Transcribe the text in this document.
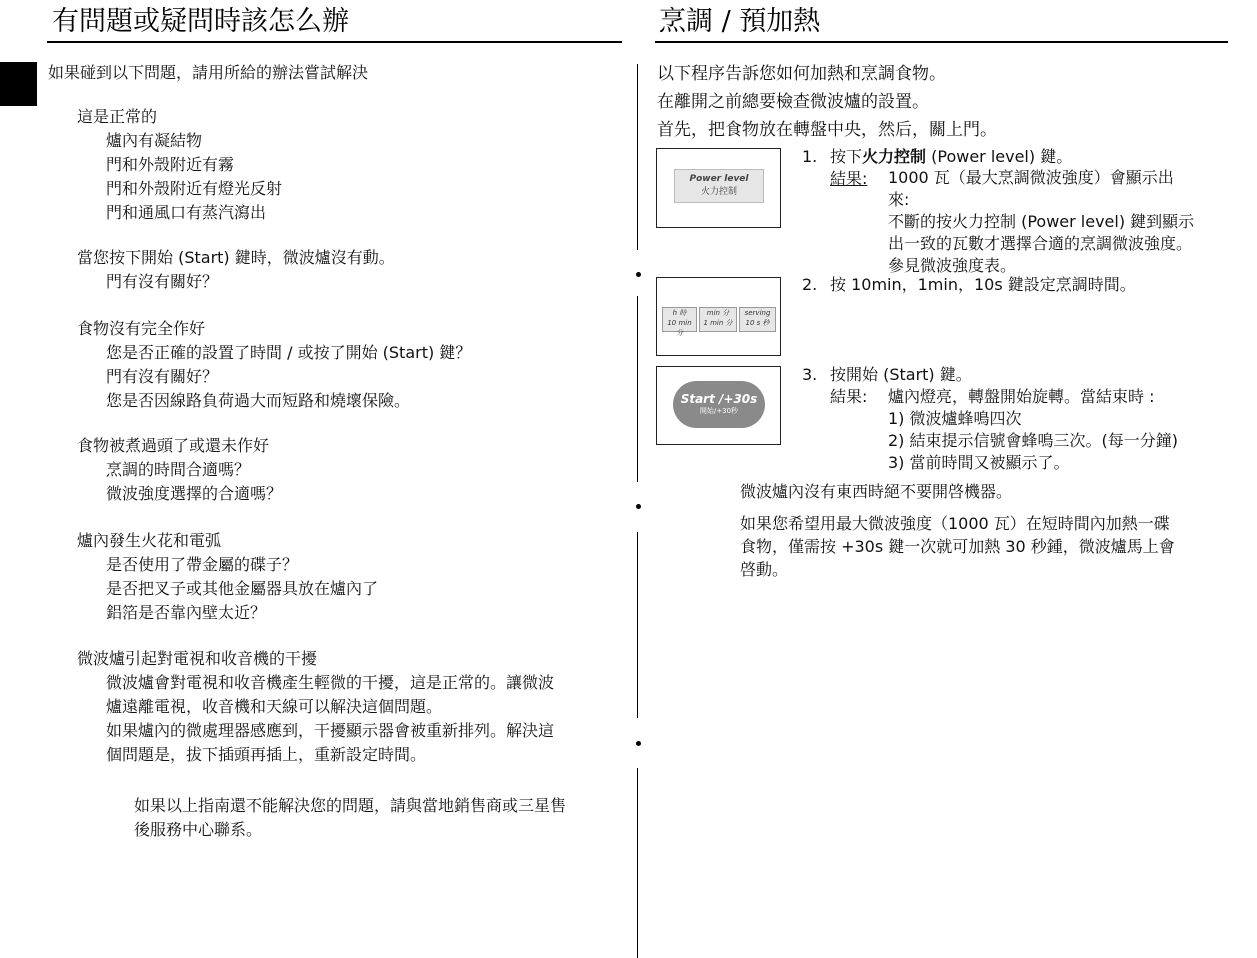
有問題或疑問時該怎么辦
如果碰到以下問題，請用所給的辦法嘗試解決
這是正常的
爐內有凝結物
門和外殼附近有霧
門和外殼附近有燈光反射
門和通風口有蒸汽瀉出
當您按下開始 (Start) 鍵時，微波爐沒有動。
門有沒有關好？
食物沒有完全作好
您是否正確的設置了時間 / 或按了開始 (Start) 鍵？
門有沒有關好？
您是否因線路負荷過大而短路和燒壞保險。
食物被煮過頭了或還未作好
烹調的時間合適嗎？
微波強度選擇的合適嗎？
爐內發生火花和電弧
是否使用了帶金屬的碟子？
是否把叉子或其他金屬器具放在爐內了
鋁箔是否靠內壁太近？
微波爐引起對電視和收音機的干擾
微波爐會對電視和收音機產生輕微的干擾，這是正常的。讓微波
爐遠離電視，收音機和天線可以解決這個問題。
如果爐內的微處理器感應到，干擾顯示器會被重新排列。解決這
個問題是，拔下插頭再插上，重新設定時間。
如果以上指南還不能解決您的問題，請與當地銷售商或三星售
後服務中心聯系。
烹調 / 預加熱
以下程序告訴您如何加熱和烹調食物。
在離開之前總要檢查微波爐的設置。
首先，把食物放在轉盤中央，然后，關上門。
Power level
火力控制
1. 按下火力控制 (Power level) 鍵。
結果: 1000 瓦（最大烹調微波強度）會顯示出
來:
不斷的按火力控制 (Power level) 鍵到顯示
出一致的瓦數才選擇合適的烹調微波強度。
參見微波強度表。
h 時
10 min 分
min 分
1 min 分
serving
10 s 秒
2. 按 10min，1min，10s 鍵設定烹調時間。
Start /+30s
開始/+30秒
3. 按開始 (Start) 鍵。
結果: 爐內燈亮，轉盤開始旋轉。當結束時 :
1) 微波爐蜂鳴四次
2) 結束提示信號會蜂鳴三次。(每一分鐘)
3) 當前時間又被顯示了。
微波爐內沒有東西時絕不要開啓機器。
如果您希望用最大微波強度（1000 瓦）在短時間內加熱一碟
食物，僅需按 +30s 鍵一次就可加熱 30 秒鍾，微波爐馬上會
啓動。
